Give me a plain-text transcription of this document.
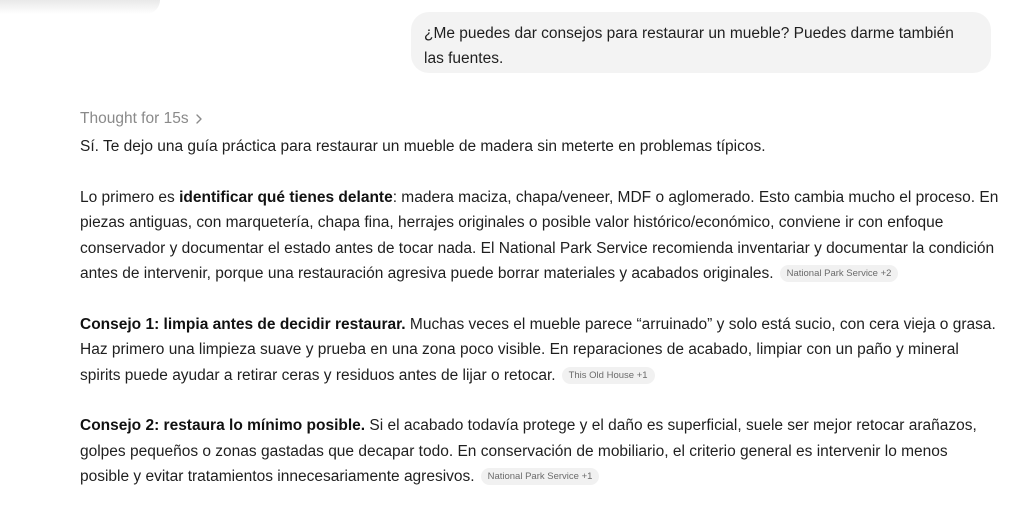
¿Me puedes dar consejos para restaurar un mueble? Puedes darme también las fuentes.
Thought for 15s

Sí. Te dejo una guía práctica para restaurar un mueble de madera sin meterte en problemas típicos.

Lo primero es identificar qué tienes delante: madera maciza, chapa/veneer, MDF o aglomerado. Esto cambia mucho el proceso. En piezas antiguas, con marquetería, chapa fina, herrajes originales o posible valor histórico/económico, conviene ir con enfoque conservador y documentar el estado antes de tocar nada. El National Park Service recomienda inventariar y documentar la condición antes de intervenir, porque una restauración agresiva puede borrar materiales y acabados originales. National Park Service +2

Consejo 1: limpia antes de decidir restaurar. Muchas veces el mueble parece “arruinado” y solo está sucio, con cera vieja o grasa. Haz primero una limpieza suave y prueba en una zona poco visible. En reparaciones de acabado, limpiar con un paño y mineral spirits puede ayudar a retirar ceras y residuos antes de lijar o retocar. This Old House +1

Consejo 2: restaura lo mínimo posible. Si el acabado todavía protege y el daño es superficial, suele ser mejor retocar arañazos, golpes pequeños o zonas gastadas que decapar todo. En conservación de mobiliario, el criterio general es intervenir lo menos posible y evitar tratamientos innecesariamente agresivos. National Park Service +1
